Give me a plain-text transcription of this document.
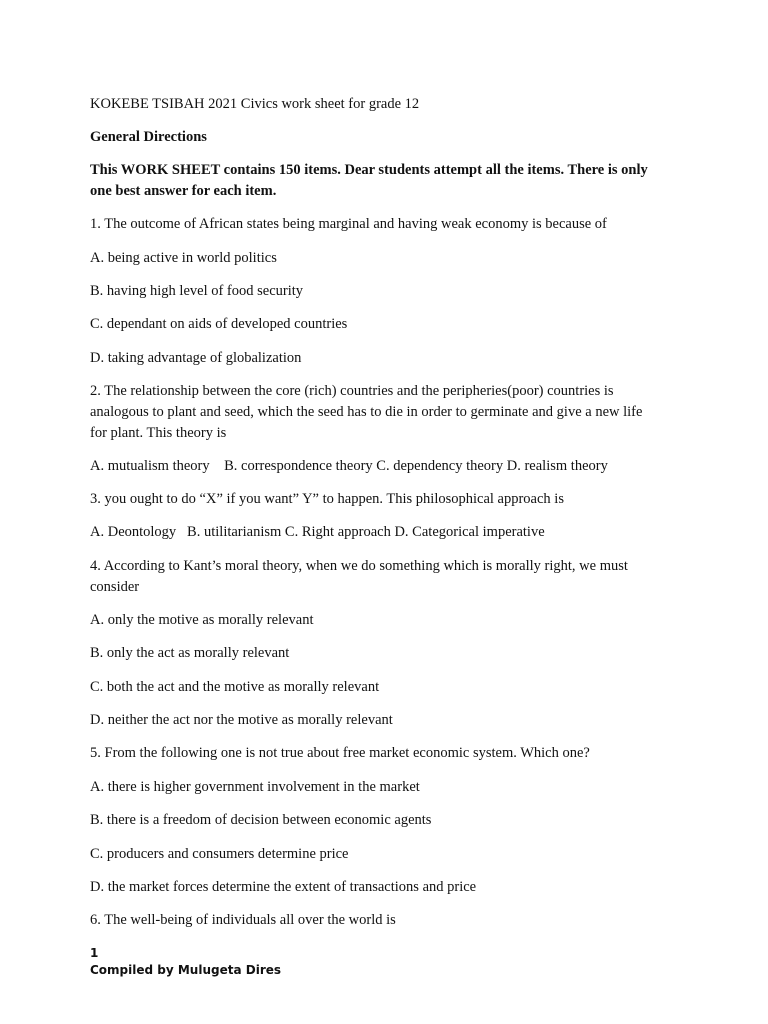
KOKEBE TSIBAH 2021 Civics work sheet for grade 12

General Directions

This WORK SHEET contains 150 items. Dear students attempt all the items. There is only

one best answer for each item.

1. The outcome of African states being marginal and having weak economy is because of

A. being active in world politics

B. having high level of food security

C. dependant on aids of developed countries

D. taking advantage of globalization

2. The relationship between the core (rich) countries and the peripheries(poor) countries is

analogous to plant and seed, which the seed has to die in order to germinate and give a new life

for plant. This theory is

A. mutualism theory    B. correspondence theory C. dependency theory D. realism theory

3. you ought to do “X” if you want” Y” to happen. This philosophical approach is

A. Deontology   B. utilitarianism C. Right approach D. Categorical imperative

4. According to Kant’s moral theory, when we do something which is morally right, we must

consider

A. only the motive as morally relevant

B. only the act as morally relevant

C. both the act and the motive as morally relevant

D. neither the act nor the motive as morally relevant

5. From the following one is not true about free market economic system. Which one?

A. there is higher government involvement in the market

B. there is a freedom of decision between economic agents

C. producers and consumers determine price

D. the market forces determine the extent of transactions and price

6. The well-being of individuals all over the world is

1
Compiled by Mulugeta Dires
